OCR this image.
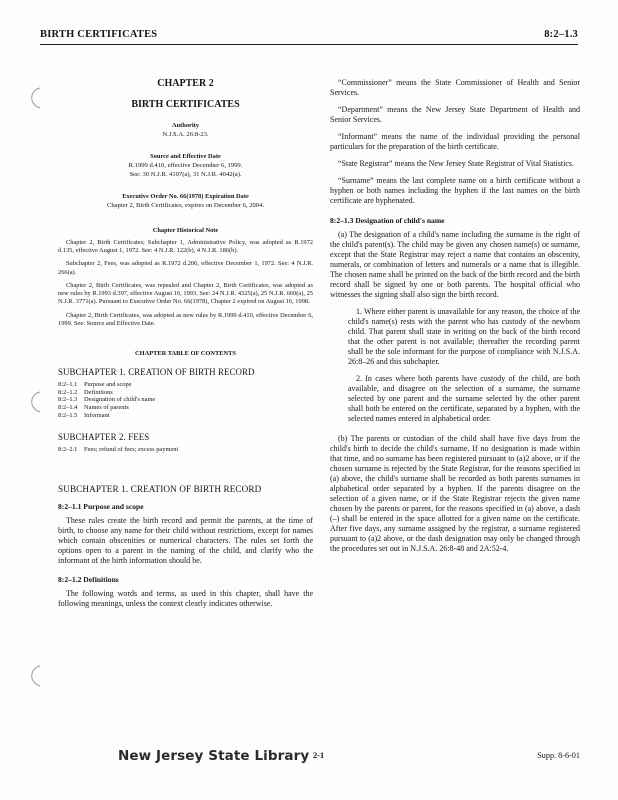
BIRTH CERTIFICATES	8:2–1.3

CHAPTER 2

BIRTH CERTIFICATES

Authority

N.J.S.A. 26:8-23.

Source and Effective Date

R.1999 d.410, effective December 6, 1999.

See: 30 N.J.R. 4107(a), 31 N.J.R. 4042(a).

Executive Order No. 66(1978) Expiration Date

Chapter 2, Birth Certificates, expires on December 6, 2004.

Chapter Historical Note

Chapter 2, Birth Certificates; Subchapter 1, Administrative Policy, was adopted as R.1972 d.135, effective August 1, 1972. See: 4 N.J.R. 122(b), 4 N.J.R. 186(b).

Subchapter 2, Fees, was adopted as R.1972 d.206, effective December 1, 1972. See: 4 N.J.R. 266(a).

Chapter 2, Birth Certificates, was repealed and Chapter 2, Birth Certificates, was adopted as new rules by R.1993 d.397, effective August 16, 1993. See: 24 N.J.R. 4325(a), 25 N.J.R. 660(a), 25 N.J.R. 3771(a). Pursuant to Executive Order No. 66(1978), Chapter 2 expired on August 16, 1998.

Chapter 2, Birth Certificates, was adopted as new rules by R.1999 d.410, effective December 6, 1999. See: Source and Effective Date.

CHAPTER TABLE OF CONTENTS

SUBCHAPTER 1. CREATION OF BIRTH RECORD

8:2–1.1	Purpose and scope
8:2–1.2	Definitions
8:2–1.3	Designation of child's name
8:2–1.4	Names of parents
8:2–1.5	Informant

SUBCHAPTER 2. FEES

8:2–2.1	Fees; refund of fees; excess payment

SUBCHAPTER 1. CREATION OF BIRTH RECORD

8:2–1.1 Purpose and scope

These rules create the birth record and permit the parents, at the time of birth, to choose any name for their child without restrictions, except for names which contain obscenities or numerical characters. The rules set forth the options open to a parent in the naming of the child, and clarify who the informant of the birth information should be.

8:2–1.2 Definitions

The following words and terms, as used in this chapter, shall have the following meanings, unless the context clearly indicates otherwise.

“Commissioner” means the State Commissioner of Health and Senior Services.

“Department” means the New Jersey State Department of Health and Senior Services.

“Informant” means the name of the individual providing the personal particulars for the preparation of the birth certificate.

“State Registrar” means the New Jersey State Registrar of Vital Statistics.

“Surname” means the last complete name on a birth certificate without a hyphen or both names including the hyphen if the last names on the birth certificate are hyphenated.

8:2–1.3 Designation of child's name

(a) The designation of a child's name including the surname is the right of the child's parent(s). The child may be given any chosen name(s) or surname, except that the State Registrar may reject a name that contains an obscenity, numerals, or combination of letters and numerals or a name that is illegible. The chosen name shall be printed on the back of the birth record and the birth record shall be signed by one or both parents. The hospital official who witnesses the signing shall also sign the birth record.

1. Where either parent is unavailable for any reason, the choice of the child's name(s) rests with the parent who has custody of the newborn child. That parent shall state in writing on the back of the birth record that the other parent is not available; thereafter the recording parent shall be the sole informant for the purpose of compliance with N.J.S.A. 26:8–26 and this subchapter.

2. In cases where both parents have custody of the child, are both available, and disagree on the selection of a surname, the surname selected by one parent and the surname selected by the other parent shall both be entered on the certificate, separated by a hyphen, with the selected names entered in alphabetical order.

(b) The parents or custodian of the child shall have five days from the child's birth to decide the child's surname. If no designation is made within that time, and no surname has been registered pursuant to (a)2 above, or if the chosen surname is rejected by the State Registrar, for the reasons specified in (a) above, the child's surname shall be recorded as both parents surnames in alphabetical order separated by a hyphen. If the parents disagree on the selection of a given name, or if the State Registrar rejects the given name chosen by the parents or parent, for the reasons specified in (a) above, a dash (–) shall be entered in the space allotted for a given name on the certificate. After five days, any surname assigned by the registrar, a surname registered pursuant to (a)2 above, or the dash designation may only be changed through the procedures set out in N.J.S.A. 26:8-48 and 2A:52-4.

New Jersey State Library 2-1	Supp. 8-6-01
